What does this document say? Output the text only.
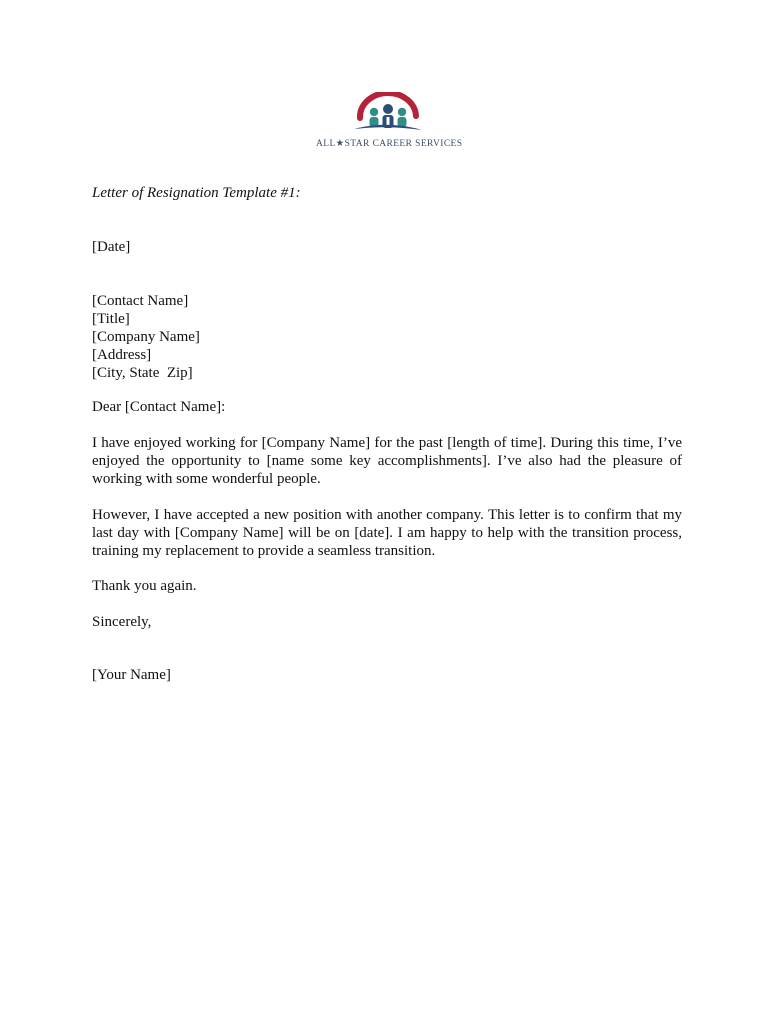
ALL★STAR CAREER SERVICES

Letter of Resignation Template #1:

[Date]

[Contact Name]
[Title]
[Company Name]
[Address]
[City, State  Zip]

Dear [Contact Name]:

I have enjoyed working for [Company Name] for the past [length of time]. During this time, I’ve enjoyed the opportunity to [name some key accomplishments]. I’ve also had the pleasure of working with some wonderful people.

However, I have accepted a new position with another company. This letter is to confirm that my last day with [Company Name] will be on [date]. I am happy to help with the transition process, training my replacement to provide a seamless transition.

Thank you again.

Sincerely,

[Your Name]
